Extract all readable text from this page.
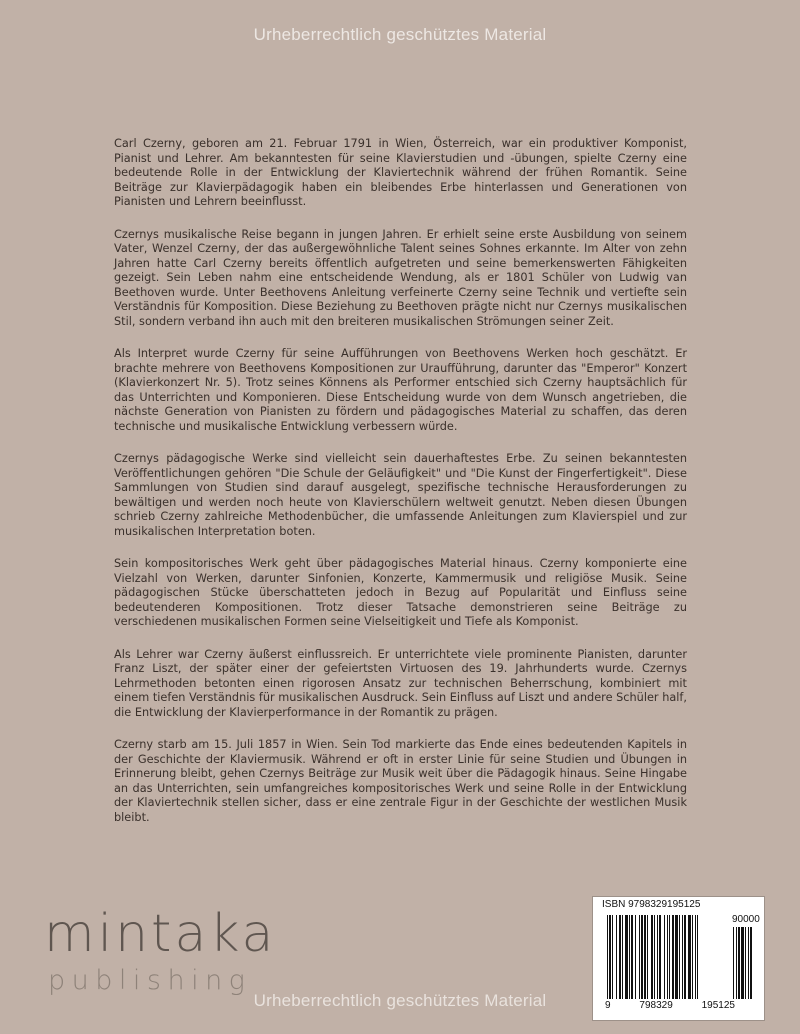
Urheberrechtlich geschütztes Material

Carl Czerny, geboren am 21. Februar 1791 in Wien, Österreich, war ein produktiver Komponist, Pianist und Lehrer. Am bekanntesten für seine Klavierstudien und -übungen, spielte Czerny eine bedeutende Rolle in der Entwicklung der Klaviertechnik während der frühen Romantik. Seine Beiträge zur Klavierpädagogik haben ein bleibendes Erbe hinterlassen und Generationen von Pianisten und Lehrern beeinflusst.

Czernys musikalische Reise begann in jungen Jahren. Er erhielt seine erste Ausbildung von seinem Vater, Wenzel Czerny, der das außergewöhnliche Talent seines Sohnes erkannte. Im Alter von zehn Jahren hatte Carl Czerny bereits öffentlich aufgetreten und seine bemerkenswerten Fähigkeiten gezeigt. Sein Leben nahm eine entscheidende Wendung, als er 1801 Schüler von Ludwig van Beethoven wurde. Unter Beethovens Anleitung verfeinerte Czerny seine Technik und vertiefte sein Verständnis für Komposition. Diese Beziehung zu Beethoven prägte nicht nur Czernys musikalischen Stil, sondern verband ihn auch mit den breiteren musikalischen Strömungen seiner Zeit.

Als Interpret wurde Czerny für seine Aufführungen von Beethovens Werken hoch geschätzt. Er brachte mehrere von Beethovens Kompositionen zur Uraufführung, darunter das "Emperor" Konzert (Klavierkonzert Nr. 5). Trotz seines Könnens als Performer entschied sich Czerny hauptsächlich für das Unterrichten und Komponieren. Diese Entscheidung wurde von dem Wunsch angetrieben, die nächste Generation von Pianisten zu fördern und pädagogisches Material zu schaffen, das deren technische und musikalische Entwicklung verbessern würde.

Czernys pädagogische Werke sind vielleicht sein dauerhaftestes Erbe. Zu seinen bekanntesten Veröffentlichungen gehören "Die Schule der Geläufigkeit" und "Die Kunst der Fingerfertigkeit". Diese Sammlungen von Studien sind darauf ausgelegt, spezifische technische Herausforderungen zu bewältigen und werden noch heute von Klavierschülern weltweit genutzt. Neben diesen Übungen schrieb Czerny zahlreiche Methodenbücher, die umfassende Anleitungen zum Klavierspiel und zur musikalischen Interpretation boten.

Sein kompositorisches Werk geht über pädagogisches Material hinaus. Czerny komponierte eine Vielzahl von Werken, darunter Sinfonien, Konzerte, Kammermusik und religiöse Musik. Seine pädagogischen Stücke überschatteten jedoch in Bezug auf Popularität und Einfluss seine bedeutenderen Kompositionen. Trotz dieser Tatsache demonstrieren seine Beiträge zu verschiedenen musikalischen Formen seine Vielseitigkeit und Tiefe als Komponist.

Als Lehrer war Czerny äußerst einflussreich. Er unterrichtete viele prominente Pianisten, darunter Franz Liszt, der später einer der gefeiertsten Virtuosen des 19. Jahrhunderts wurde. Czernys Lehrmethoden betonten einen rigorosen Ansatz zur technischen Beherrschung, kombiniert mit einem tiefen Verständnis für musikalischen Ausdruck. Sein Einfluss auf Liszt und andere Schüler half, die Entwicklung der Klavierperformance in der Romantik zu prägen.

Czerny starb am 15. Juli 1857 in Wien. Sein Tod markierte das Ende eines bedeutenden Kapitels in der Geschichte der Klaviermusik. Während er oft in erster Linie für seine Studien und Übungen in Erinnerung bleibt, gehen Czernys Beiträge zur Musik weit über die Pädagogik hinaus. Seine Hingabe an das Unterrichten, sein umfangreiches kompositorisches Werk und seine Rolle in der Entwicklung der Klaviertechnik stellen sicher, dass er eine zentrale Figur in der Geschichte der westlichen Musik bleibt.

mintaka
publishing
Urheberrechtlich geschütztes Material
ISBN 9798329195125
90000
9	798329	195125
